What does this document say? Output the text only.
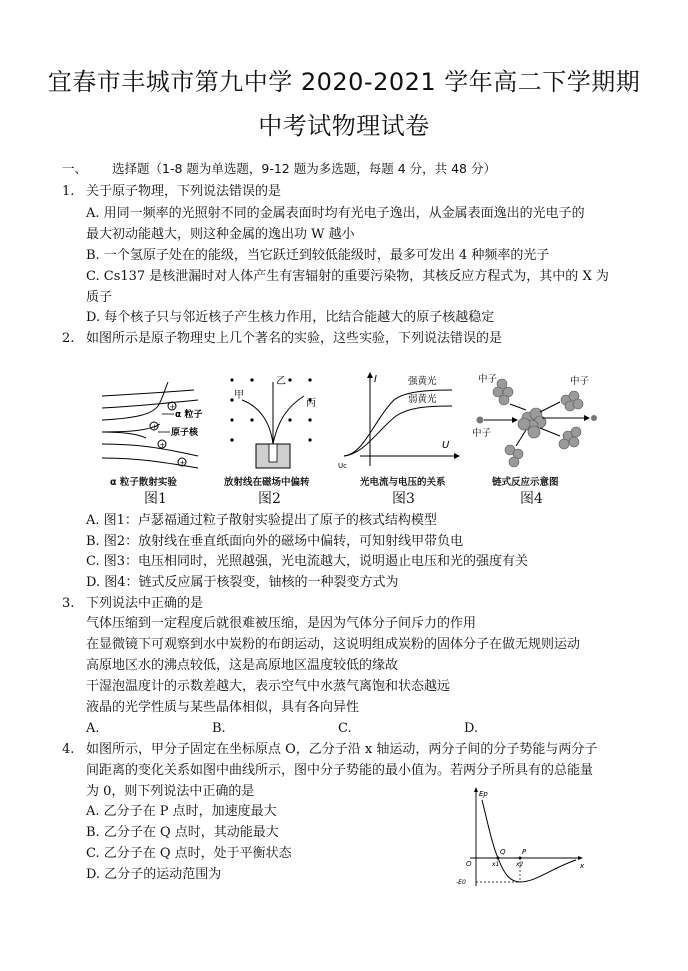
宜春市丰城市第九中学 2020-2021 学年高二下学期期
中考试物理试卷
一、 选择题（1-8 题为单选题，9-12 题为多选题，每题 4 分，共 48 分）
1. 关于原子物理，下列说法错误的是
A. 用同一频率的光照射不同的金属表面时均有光电子逸出，从金属表面逸出的光电子的
最大初动能越大，则这种金属的逸出功 W 越小
B. 一个氢原子处在的能级，当它跃迁到较低能级时，最多可发出 4 种频率的光子
C. Cs137 是核泄漏时对人体产生有害辐射的重要污染物，其核反应方程式为，其中的 X 为
质子
D. 每个核子只与邻近核子产生核力作用，比结合能越大的原子核越稳定
2. 如图所示是原子物理史上几个著名的实验，这些实验，下列说法错误的是
+
+
+
+
α 粒子
原子核
α 粒子散射实验
图1
甲
乙
丙
放射线在磁场中偏转
图2
I
U
Uc
强黄光
弱黄光
光电流与电压的关系
图3
中子	中子
中子
链式反应示意图
图4
A. 图1：卢瑟福通过粒子散射实验提出了原子的核式结构模型
B. 图2：放射线在垂直纸面向外的磁场中偏转，可知射线甲带负电
C. 图3：电压相同时，光照越强，光电流越大，说明遏止电压和光的强度有关
D. 图4：链式反应属于核裂变，铀核的一种裂变方式为
3. 下列说法中正确的是
气体压缩到一定程度后就很难被压缩，是因为气体分子间斥力的作用
在显微镜下可观察到水中炭粉的布朗运动，这说明组成炭粉的固体分子在做无规则运动
高原地区水的沸点较低，这是高原地区温度较低的缘故
干湿泡温度计的示数差越大，表示空气中水蒸气离饱和状态越远
液晶的光学性质与某些晶体相似，具有各向异性
A.	B.	C.	D.
4. 如图所示，甲分子固定在坐标原点 O，乙分子沿 x 轴运动，两分子间的分子势能与两分子
间距离的变化关系如图中曲线所示，图中分子势能的最小值为。若两分子所具有的总能量
为 0，则下列说法中正确的是
A. 乙分子在 P 点时，加速度最大
B. 乙分子在 Q 点时，其动能最大
C. 乙分子在 Q 点时，处于平衡状态
D. 乙分子的运动范围为
Ep
O	x
Q P
x1	x2
-E0
